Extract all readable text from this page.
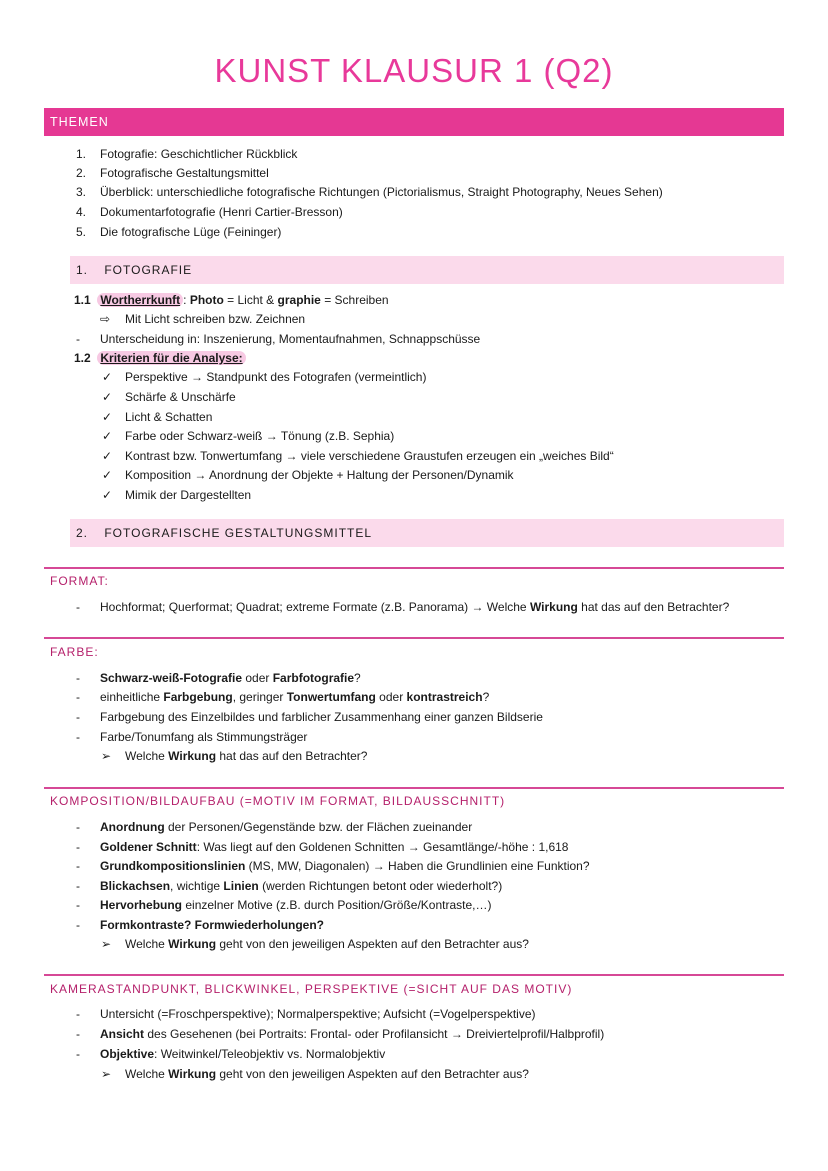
KUNST KLAUSUR 1 (Q2)
THEMEN
1. Fotografie: Geschichtlicher Rückblick
2. Fotografische Gestaltungsmittel
3. Überblick: unterschiedliche fotografische Richtungen (Pictorialismus, Straight Photography, Neues Sehen)
4. Dokumentarfotografie (Henri Cartier-Bresson)
5. Die fotografische Lüge (Feininger)
1. FOTOGRAFIE
1.1 Wortherrkunft : Photo = Licht & graphie = Schreiben
⇨ Mit Licht schreiben bzw. Zeichnen
- Unterscheidung in: Inszenierung, Momentaufnahmen, Schnappschüsse
1.2 Kriterien für die Analyse:
✓ Perspektive → Standpunkt des Fotografen (vermeintlich)
✓ Schärfe & Unschärfe
✓ Licht & Schatten
✓ Farbe oder Schwarz-weiß → Tönung (z.B. Sephia)
✓ Kontrast bzw. Tonwertumfang → viele verschiedene Graustufen erzeugen ein „weiches Bild“
✓ Komposition → Anordnung der Objekte + Haltung der Personen/Dynamik
✓ Mimik der Dargestellten
2. FOTOGRAFISCHE GESTALTUNGSMITTEL
FORMAT:
- Hochformat; Querformat; Quadrat; extreme Formate (z.B. Panorama) → Welche Wirkung hat das auf den Betrachter?
FARBE:
- Schwarz-weiß-Fotografie oder Farbfotografie?
- einheitliche Farbgebung, geringer Tonwertumfang oder kontrastreich?
- Farbgebung des Einzelbildes und farblicher Zusammenhang einer ganzen Bildserie
- Farbe/Tonumfang als Stimmungsträger
➢ Welche Wirkung hat das auf den Betrachter?
KOMPOSITION/BILDAUFBAU (=MOTIV IM FORMAT, BILDAUSSCHNITT)
- Anordnung der Personen/Gegenstände bzw. der Flächen zueinander
- Goldener Schnitt: Was liegt auf den Goldenen Schnitten → Gesamtlänge/-höhe : 1,618
- Grundkompositionslinien (MS, MW, Diagonalen) → Haben die Grundlinien eine Funktion?
- Blickachsen, wichtige Linien (werden Richtungen betont oder wiederholt?)
- Hervorhebung einzelner Motive (z.B. durch Position/Größe/Kontraste,…)
- Formkontraste? Formwiederholungen?
➢ Welche Wirkung geht von den jeweiligen Aspekten auf den Betrachter aus?
KAMERASTANDPUNKT, BLICKWINKEL, PERSPEKTIVE (=SICHT AUF DAS MOTIV)
- Untersicht (=Froschperspektive); Normalperspektive; Aufsicht (=Vogelperspektive)
- Ansicht des Gesehenen (bei Portraits: Frontal- oder Profilansicht → Dreiviertelprofil/Halbprofil)
- Objektive: Weitwinkel/Teleobjektiv vs. Normalobjektiv
➢ Welche Wirkung geht von den jeweiligen Aspekten auf den Betrachter aus?
